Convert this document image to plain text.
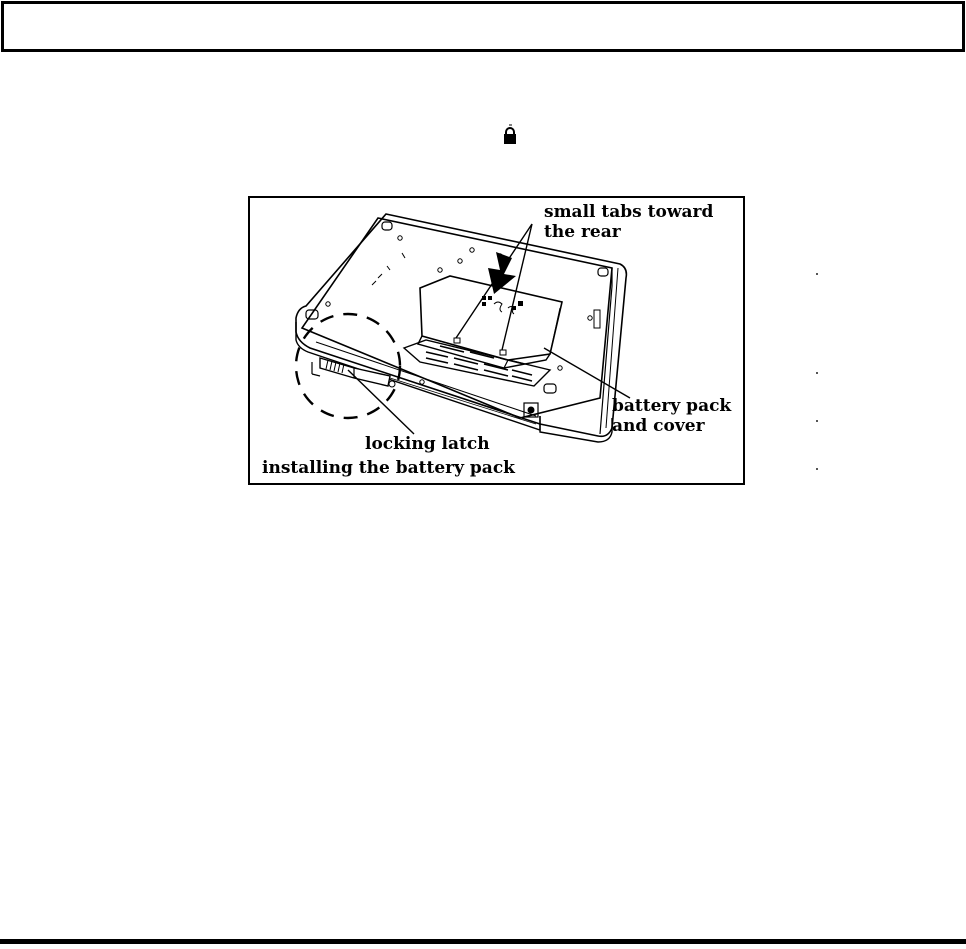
small tabs toward
the rear
battery pack
and cover
locking latch
installing the battery pack
